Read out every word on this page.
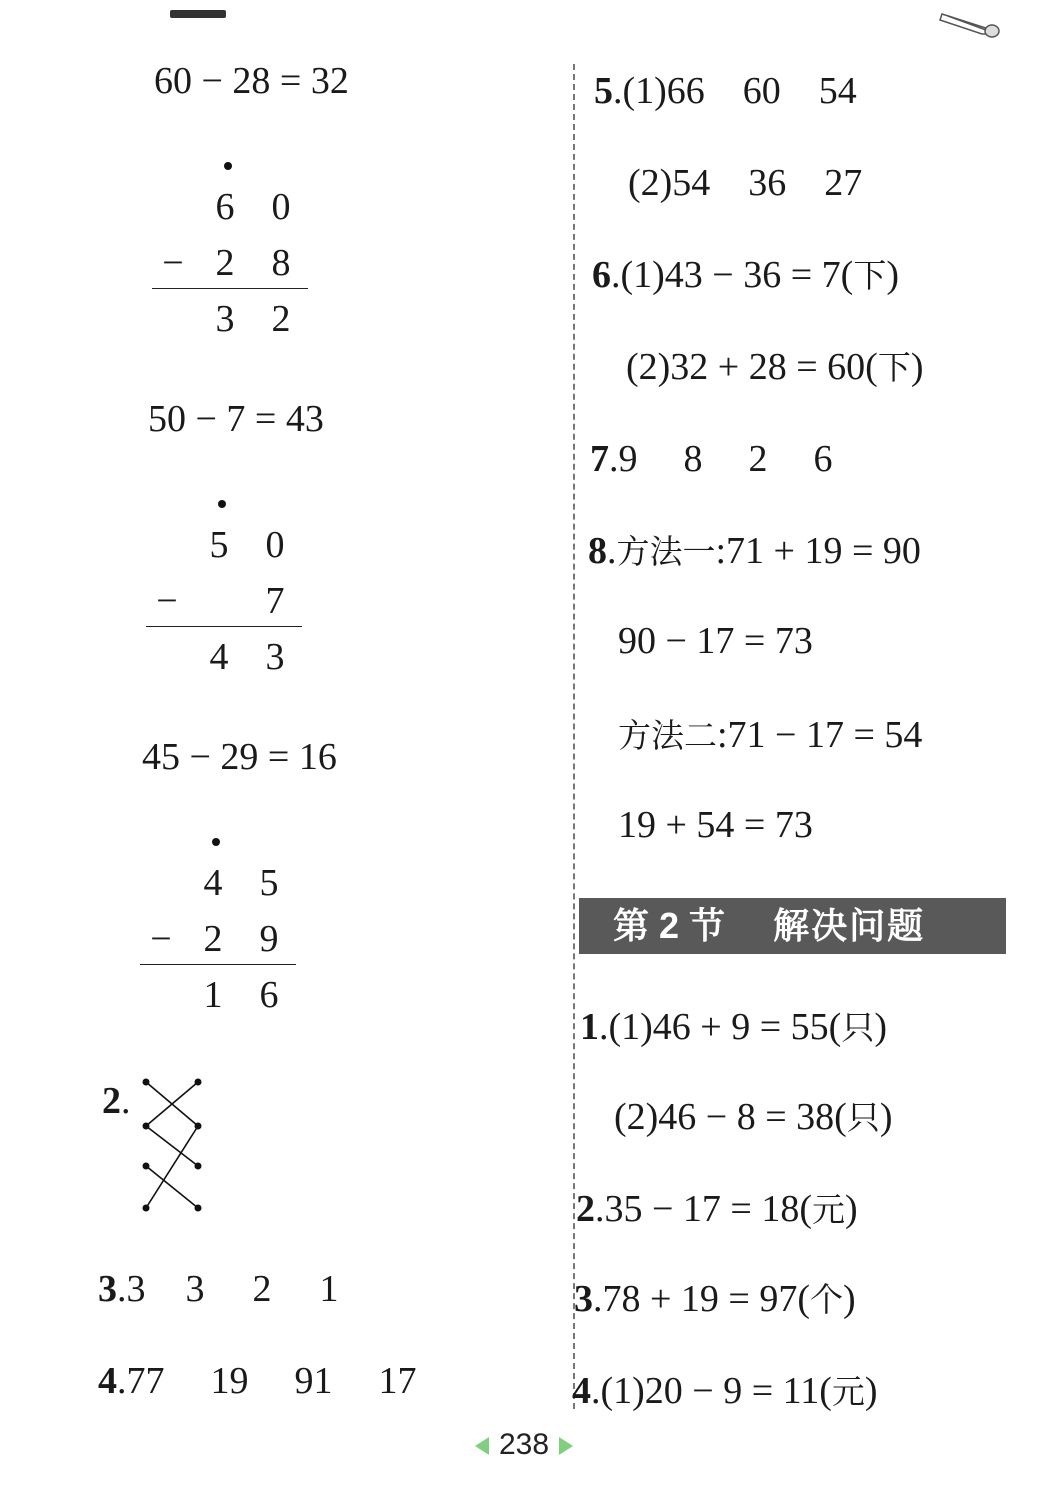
60 − 28 = 32
6 0
− 2 8
3 2
50 − 7 = 43
5 0
− 7
4 3
45 − 29 = 16
4 5
− 2 9
1 6
2.
3.3 3 2 1
4.77 19 91 17
5.(1)66    60    54
(2)54    36    27
6.(1)43 − 36 = 7(下)
(2)32 + 28 = 60(下)
7.9 8 2 6
8.方法一:71 + 19 = 90
90 − 17 = 73
方法二:71 − 17 = 54
19 + 54 = 73
第 2 节 解决问题
1.(1)46 + 9 = 55(只)
(2)46 − 8 = 38(只)
2.35 − 17 = 18(元)
3.78 + 19 = 97(个)
4.(1)20 − 9 = 11(元)
238
